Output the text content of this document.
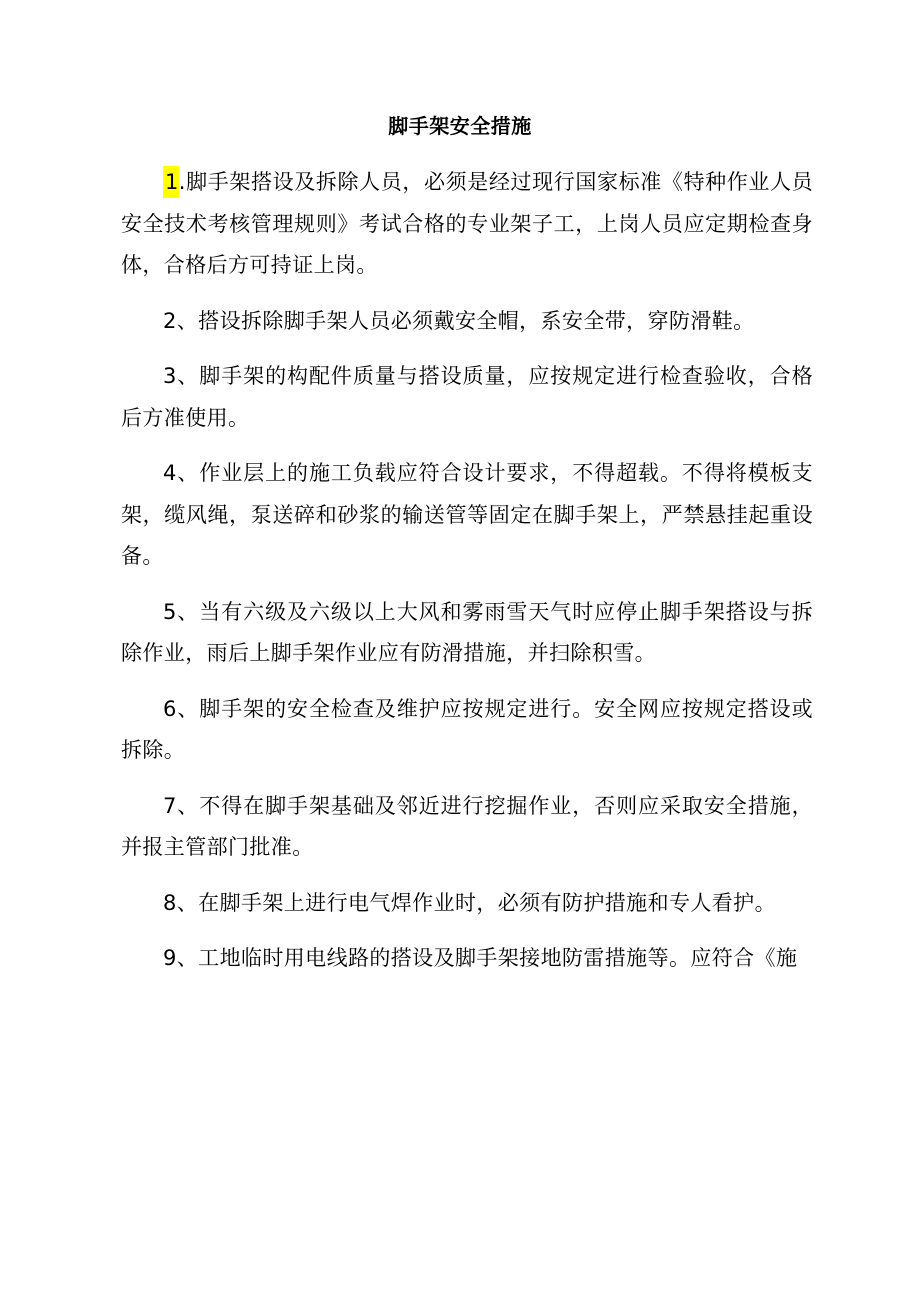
脚手架安全措施

1.脚手架搭设及拆除人员，必须是经过现行国家标准《特种作业人员安全技术考核管理规则》考试合格的专业架子工，上岗人员应定期检查身体，合格后方可持证上岗。

2、搭设拆除脚手架人员必须戴安全帽，系安全带，穿防滑鞋。

3、脚手架的构配件质量与搭设质量，应按规定进行检查验收，合格后方准使用。

4、作业层上的施工负载应符合设计要求，不得超载。不得将模板支架，缆风绳，泵送碎和砂浆的输送管等固定在脚手架上，严禁悬挂起重设备。

5、当有六级及六级以上大风和雾雨雪天气时应停止脚手架搭设与拆除作业，雨后上脚手架作业应有防滑措施，并扫除积雪。

6、脚手架的安全检查及维护应按规定进行。安全网应按规定搭设或拆除。

7、不得在脚手架基础及邻近进行挖掘作业，否则应采取安全措施，并报主管部门批准。

8、在脚手架上进行电气焊作业时，必须有防护措施和专人看护。

9、工地临时用电线路的搭设及脚手架接地防雷措施等。应符合《施
